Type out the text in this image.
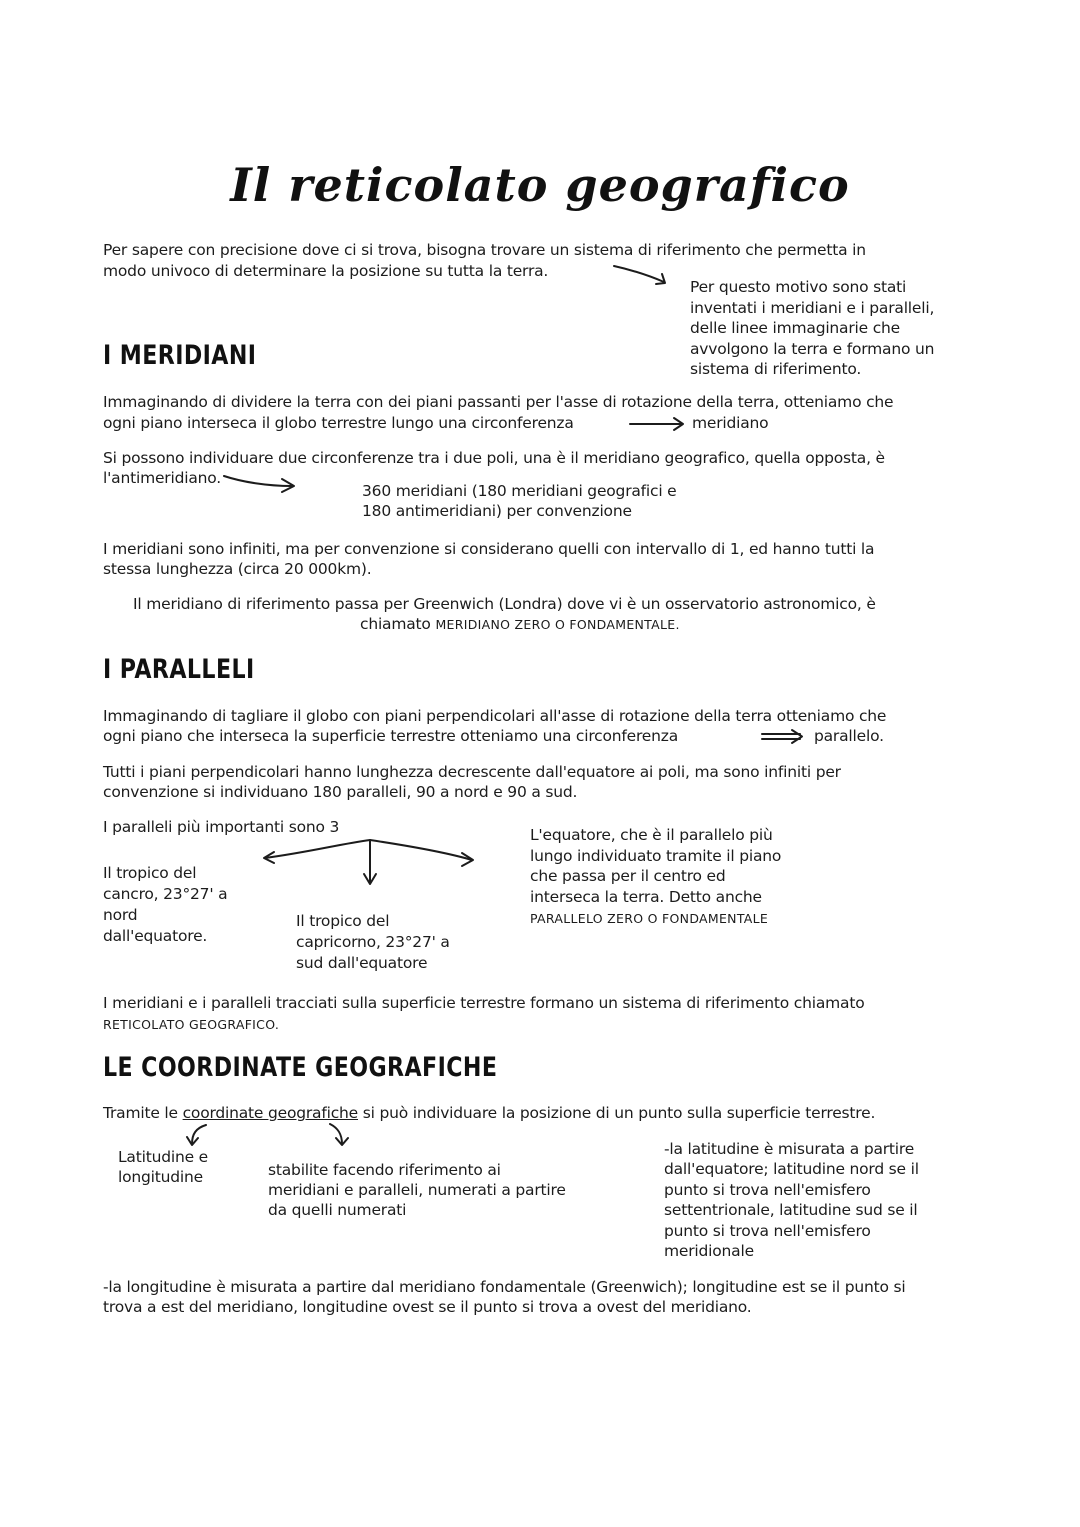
Il reticolato geografico
Per sapere con precisione dove ci si trova, bisogna trovare un sistema di riferimento che permetta in
modo univoco di determinare la posizione su tutta la terra.
Per questo motivo sono stati
inventati i meridiani e i paralleli,
delle linee immaginarie che
avvolgono la terra e formano un
sistema di riferimento.
I MERIDIANI
Immaginando di dividere la terra con dei piani passanti per l'asse di rotazione della terra, otteniamo che
ogni piano interseca il globo terrestre lungo una circonferenza	meridiano
Si possono individuare due circonferenze tra i due poli, una è il meridiano geografico, quella opposta, è
l'antimeridiano.
360 meridiani (180 meridiani geografici e
180 antimeridiani) per convenzione
I meridiani sono infiniti, ma per convenzione si considerano quelli con intervallo di 1, ed hanno tutti la
stessa lunghezza (circa 20 000km).
Il meridiano di riferimento passa per Greenwich (Londra) dove vi è un osservatorio astronomico, è
chiamato MERIDIANO ZERO O FONDAMENTALE.
I PARALLELI
Immaginando di tagliare il globo con piani perpendicolari all'asse di rotazione della terra otteniamo che
ogni piano che interseca la superficie terrestre otteniamo una circonferenza	parallelo.
Tutti i piani perpendicolari hanno lunghezza decrescente dall'equatore ai poli, ma sono infiniti per
convenzione si individuano 180 paralleli, 90 a nord e 90 a sud.
I paralleli più importanti sono 3
Il tropico del
cancro, 23°27' a
nord
dall'equatore.
Il tropico del
capricorno, 23°27' a
sud dall'equatore
L'equatore, che è il parallelo più
lungo individuato tramite il piano
che passa per il centro ed
interseca la terra. Detto anche
PARALLELO ZERO O FONDAMENTALE
I meridiani e i paralleli tracciati sulla superficie terrestre formano un sistema di riferimento chiamato
RETICOLATO GEOGRAFICO.
LE COORDINATE GEOGRAFICHE
Tramite le coordinate geografiche si può individuare la posizione di un punto sulla superficie terrestre.
Latitudine e
longitudine	stabilite facendo riferimento ai
meridiani e paralleli, numerati a partire
da quelli numerati
-la latitudine è misurata a partire
dall'equatore; latitudine nord se il
punto si trova nell'emisfero
settentrionale, latitudine sud se il
punto si trova nell'emisfero
meridionale
-la longitudine è misurata a partire dal meridiano fondamentale (Greenwich); longitudine est se il punto si
trova a est del meridiano, longitudine ovest se il punto si trova a ovest del meridiano.
